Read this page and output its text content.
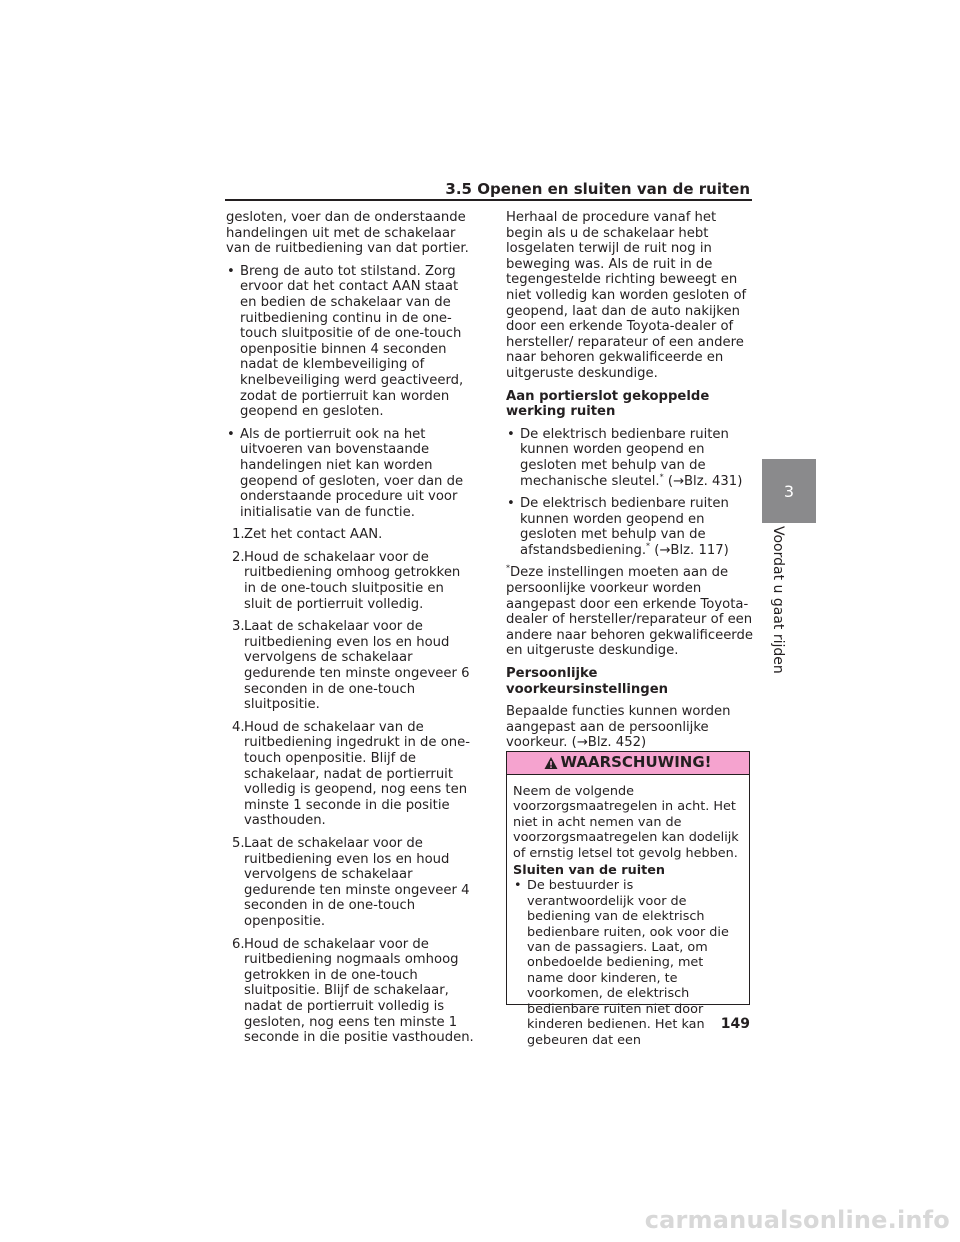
3.5 Openen en sluiten van de ruiten

gesloten, voer dan de onderstaande handelingen uit met de schakelaar van de ruitbediening van dat portier.

• Breng de auto tot stilstand. Zorg ervoor dat het contact AAN staat en bedien de schakelaar van de ruitbediening continu in de one-touch sluitpositie of de one-touch openpositie binnen 4 seconden nadat de klembeveiliging of knelbeveiliging werd geactiveerd, zodat de portierruit kan worden geopend en gesloten.
• Als de portierruit ook na het uitvoeren van bovenstaande handelingen niet kan worden geopend of gesloten, voer dan de onderstaande procedure uit voor initialisatie van de functie.
1. Zet het contact AAN.
2. Houd de schakelaar voor de ruitbediening omhoog getrokken in de one-touch sluitpositie en sluit de portierruit volledig.
3. Laat de schakelaar voor de ruitbediening even los en houd vervolgens de schakelaar gedurende ten minste ongeveer 6 seconden in de one-touch sluitpositie.
4. Houd de schakelaar van de ruitbediening ingedrukt in de one-touch openpositie. Blijf de schakelaar, nadat de portierruit volledig is geopend, nog eens ten minste 1 seconde in die positie vasthouden.
5. Laat de schakelaar voor de ruitbediening even los en houd vervolgens de schakelaar gedurende ten minste ongeveer 4 seconden in de one-touch openpositie.
6. Houd de schakelaar voor de ruitbediening nogmaals omhoog getrokken in de one-touch sluitpositie. Blijf de schakelaar, nadat de portierruit volledig is gesloten, nog eens ten minste 1 seconde in die positie vasthouden.

Herhaal de procedure vanaf het begin als u de schakelaar hebt losgelaten terwijl de ruit nog in beweging was. Als de ruit in de tegengestelde richting beweegt en niet volledig kan worden gesloten of geopend, laat dan de auto nakijken door een erkende Toyota-dealer of hersteller/ reparateur of een andere naar behoren gekwalificeerde en uitgeruste deskundige.

Aan portierslot gekoppelde werking ruiten

• De elektrisch bedienbare ruiten kunnen worden geopend en gesloten met behulp van de mechanische sleutel.* (→Blz. 431)
• De elektrisch bedienbare ruiten kunnen worden geopend en gesloten met behulp van de afstandsbediening.* (→Blz. 117)

*Deze instellingen moeten aan de persoonlijke voorkeur worden aangepast door een erkende Toyota-dealer of hersteller/reparateur of een andere naar behoren gekwalificeerde en uitgeruste deskundige.

Persoonlijke voorkeursinstellingen

Bepaalde functies kunnen worden aangepast aan de persoonlijke voorkeur. (→Blz. 452)

WAARSCHUWING!

Neem de volgende voorzorgsmaatregelen in acht. Het niet in acht nemen van de voorzorgsmaatregelen kan dodelijk of ernstig letsel tot gevolg hebben.

Sluiten van de ruiten

• De bestuurder is verantwoordelijk voor de bediening van de elektrisch bedienbare ruiten, ook voor die van de passagiers. Laat, om onbedoelde bediening, met name door kinderen, te voorkomen, de elektrisch bedienbare ruiten niet door kinderen bedienen. Het kan gebeuren dat een
3
Voordat u gaat rijden
149
carmanualsonline.info
